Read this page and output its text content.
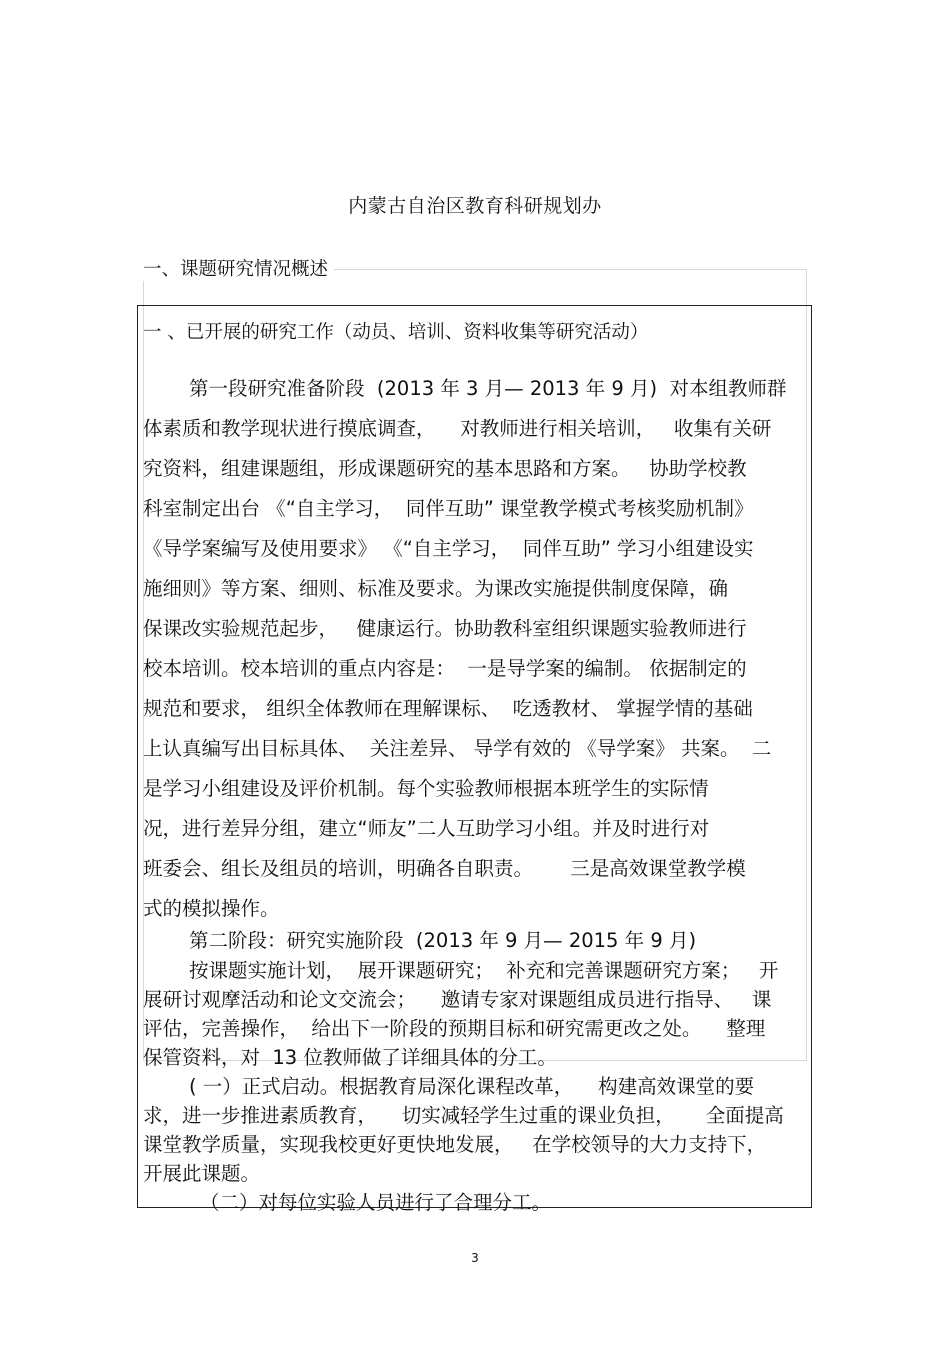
内蒙古自治区教育科研规划办
一、课题研究情况概述
一 、已开展的研究工作（动员、培训、资料收集等研究活动）
第一段研究准备阶段  (2013 年 3 月— 2013 年 9 月)  对本组教师群
体素质和教学现状进行摸底调查，    对教师进行相关培训，   收集有关研
究资料，组建课题组，形成课题研究的基本思路和方案。   协助学校教
科室制定出台 《“自主学习，  同伴互助” 课堂教学模式考核奖励机制》
《导学案编写及使用要求》 《“自主学习，  同伴互助” 学习小组建设实
施细则》等方案、细则、标准及要求。为课改实施提供制度保障，确
保课改实验规范起步，   健康运行。协助教科室组织课题实验教师进行
校本培训。校本培训的重点内容是：  一是导学案的编制。 依据制定的
规范和要求， 组织全体教师在理解课标、  吃透教材、 掌握学情的基础
上认真编写出目标具体、  关注差异、 导学有效的 《导学案》 共案。  二
是学习小组建设及评价机制。每个实验教师根据本班学生的实际情
况，进行差异分组，建立“师友”二人互助学习小组。并及时进行对
班委会、组长及组员的培训，明确各自职责。      三是高效课堂教学模
式的模拟操作。
第二阶段：研究实施阶段  (2013 年 9 月— 2015 年 9 月)
按课题实施计划，  展开课题研究；  补充和完善课题研究方案；   开
展研讨观摩活动和论文交流会；    邀请专家对课题组成员进行指导、   课
评估，完善操作，  给出下一阶段的预期目标和研究需更改之处。    整理
保管资料，对  13 位教师做了详细具体的分工。
( 一）正式启动。根据教育局深化课程改革，    构建高效课堂的要
求，进一步推进素质教育，    切实减轻学生过重的课业负担，     全面提高
课堂教学质量，实现我校更好更快地发展，   在学校领导的大力支持下，
开展此课题。
（二）对每位实验人员进行了合理分工。
3
